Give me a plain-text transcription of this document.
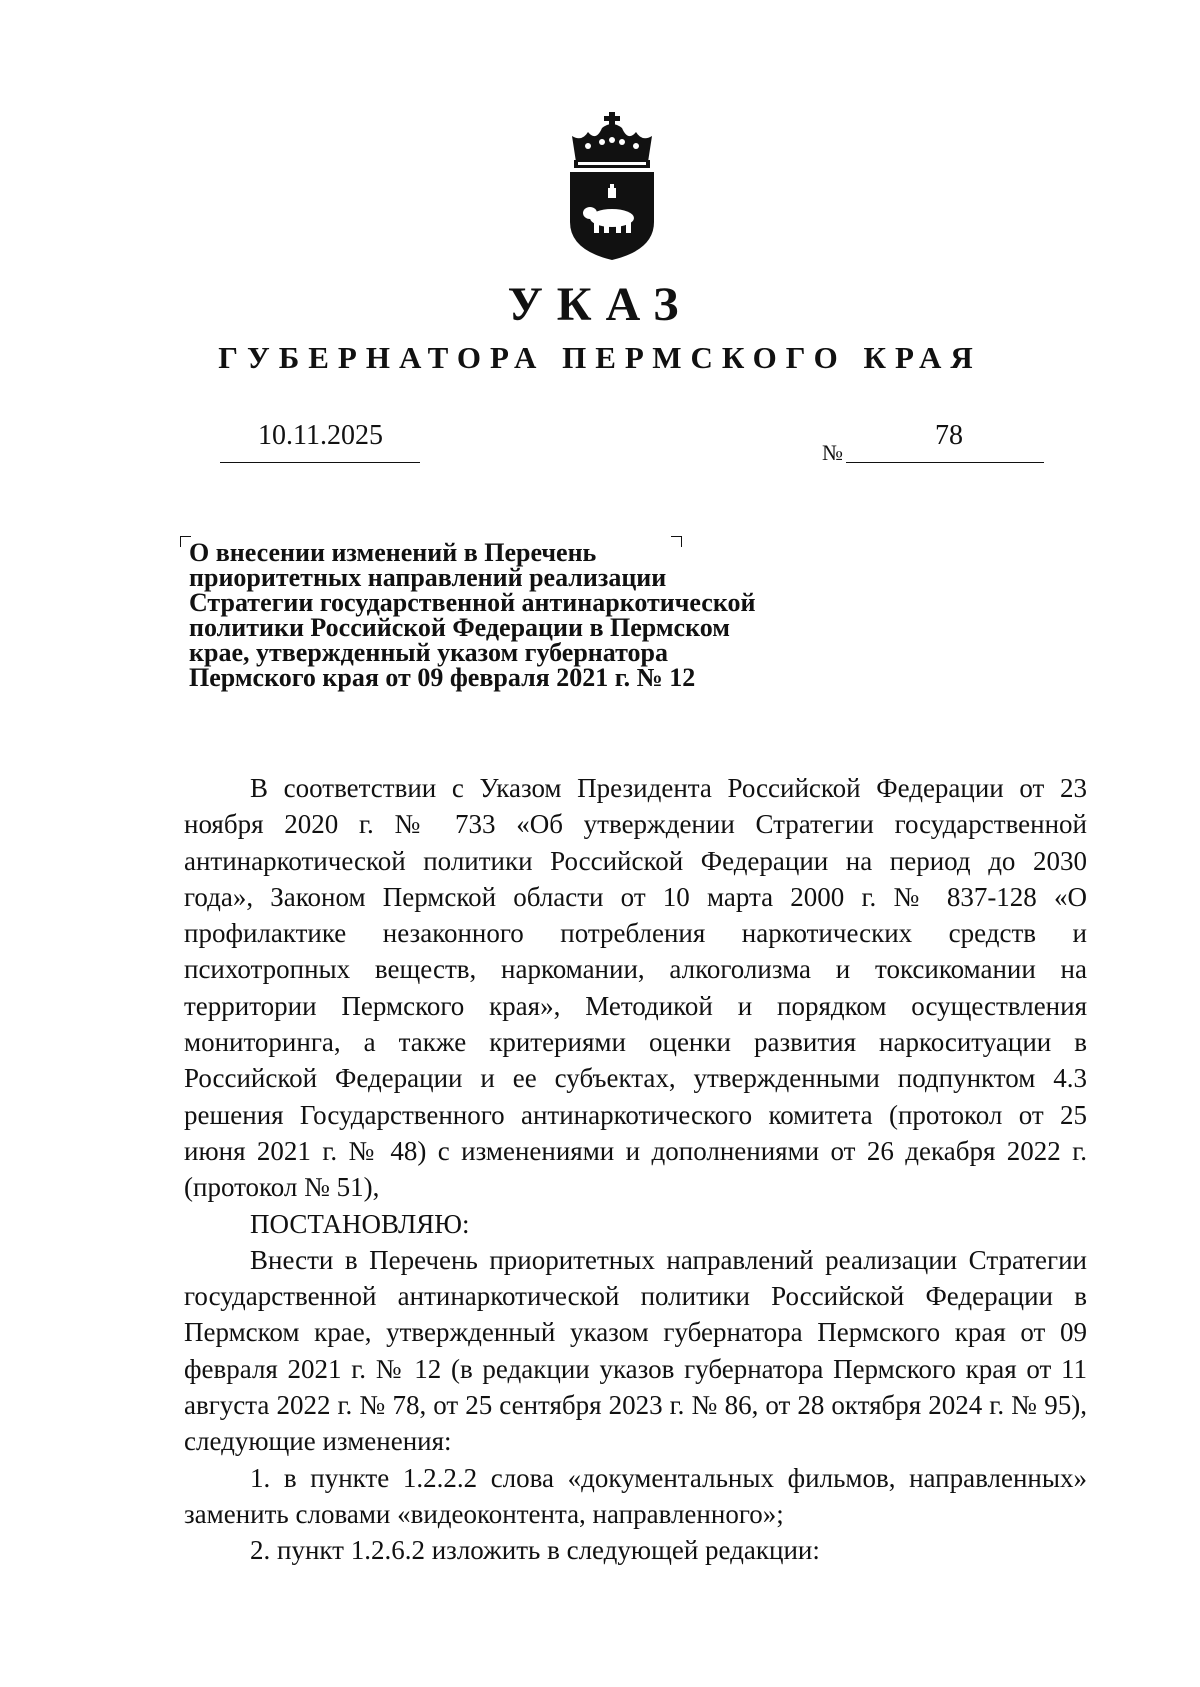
УКАЗ
ГУБЕРНАТОРА ПЕРМСКОГО КРАЯ
10.11.2025
№
78
О внесении изменений в Перечень
приоритетных направлений реализации
Стратегии государственной антинаркотической
политики Российской Федерации в Пермском
крае, утвержденный указом губернатора
Пермского края от 09 февраля 2021 г. № 12
В соответствии с Указом Президента Российской Федерации от 23 ноября 2020 г. № 733 «Об утверждении Стратегии государственной антинаркотической политики Российской Федерации на период до 2030 года», Законом Пермской области от 10 марта 2000 г. № 837-128 «О профилактике незаконного потребления наркотических средств и психотропных веществ, наркомании, алкоголизма и токсикомании на территории Пермского края», Методикой и порядком осуществления мониторинга, а также критериями оценки развития наркоситуации в Российской Федерации и ее субъектах, утвержденными подпунктом 4.3 решения Государственного антинаркотического комитета (протокол от 25 июня 2021 г. № 48) с изменениями и дополнениями от 26 декабря 2022 г. (протокол № 51),
ПОСТАНОВЛЯЮ:
Внести в Перечень приоритетных направлений реализации Стратегии государственной антинаркотической политики Российской Федерации в Пермском крае, утвержденный указом губернатора Пермского края от 09 февраля 2021 г. № 12 (в редакции указов губернатора Пермского края от 11 августа 2022 г. № 78, от 25 сентября 2023 г. № 86, от 28 октября 2024 г. № 95), следующие изменения:
1. в пункте 1.2.2.2 слова «документальных фильмов, направленных» заменить словами «видеоконтента, направленного»;
2. пункт 1.2.6.2 изложить в следующей редакции:
